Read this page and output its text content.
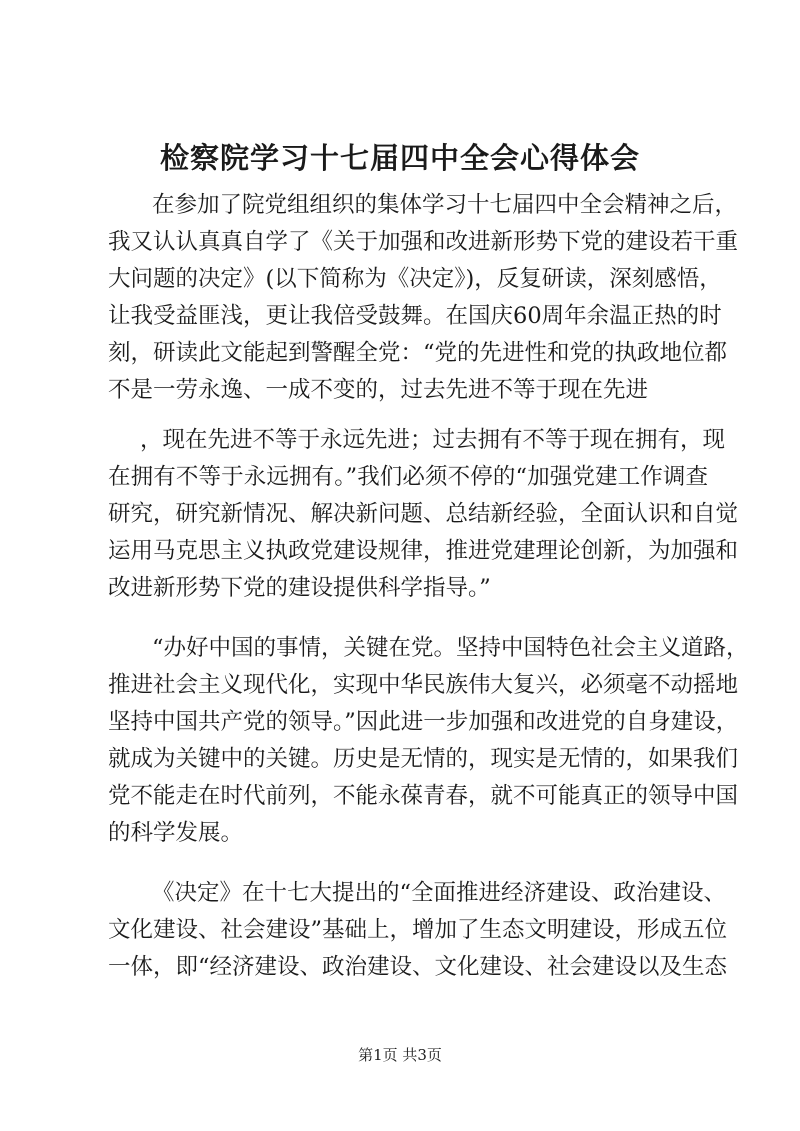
检察院学习十七届四中全会心得体会
在参加了院党组组织的集体学习十七届四中全会精神之后，
我又认认真真自学了《关于加强和改进新形势下党的建设若干重
大问题的决定》(以下简称为《决定》)，反复研读，深刻感悟，
让我受益匪浅，更让我倍受鼓舞。在国庆60周年余温正热的时
刻，研读此文能起到警醒全党：“党的先进性和党的执政地位都
不是一劳永逸、一成不变的，过去先进不等于现在先进
，现在先进不等于永远先进；过去拥有不等于现在拥有，现
在拥有不等于永远拥有。”我们必须不停的“加强党建工作调查
研究，研究新情况、解决新问题、总结新经验，全面认识和自觉
运用马克思主义执政党建设规律，推进党建理论创新，为加强和
改进新形势下党的建设提供科学指导。”
“办好中国的事情，关键在党。坚持中国特色社会主义道路，
推进社会主义现代化，实现中华民族伟大复兴，必须毫不动摇地
坚持中国共产党的领导。”因此进一步加强和改进党的自身建设，
就成为关键中的关键。历史是无情的，现实是无情的，如果我们
党不能走在时代前列，不能永葆青春，就不可能真正的领导中国
的科学发展。
《决定》在十七大提出的“全面推进经济建设、政治建设、
文化建设、社会建设”基础上，增加了生态文明建设，形成五位
一体，即“经济建设、政治建设、文化建设、社会建设以及生态
第1页 共3页
